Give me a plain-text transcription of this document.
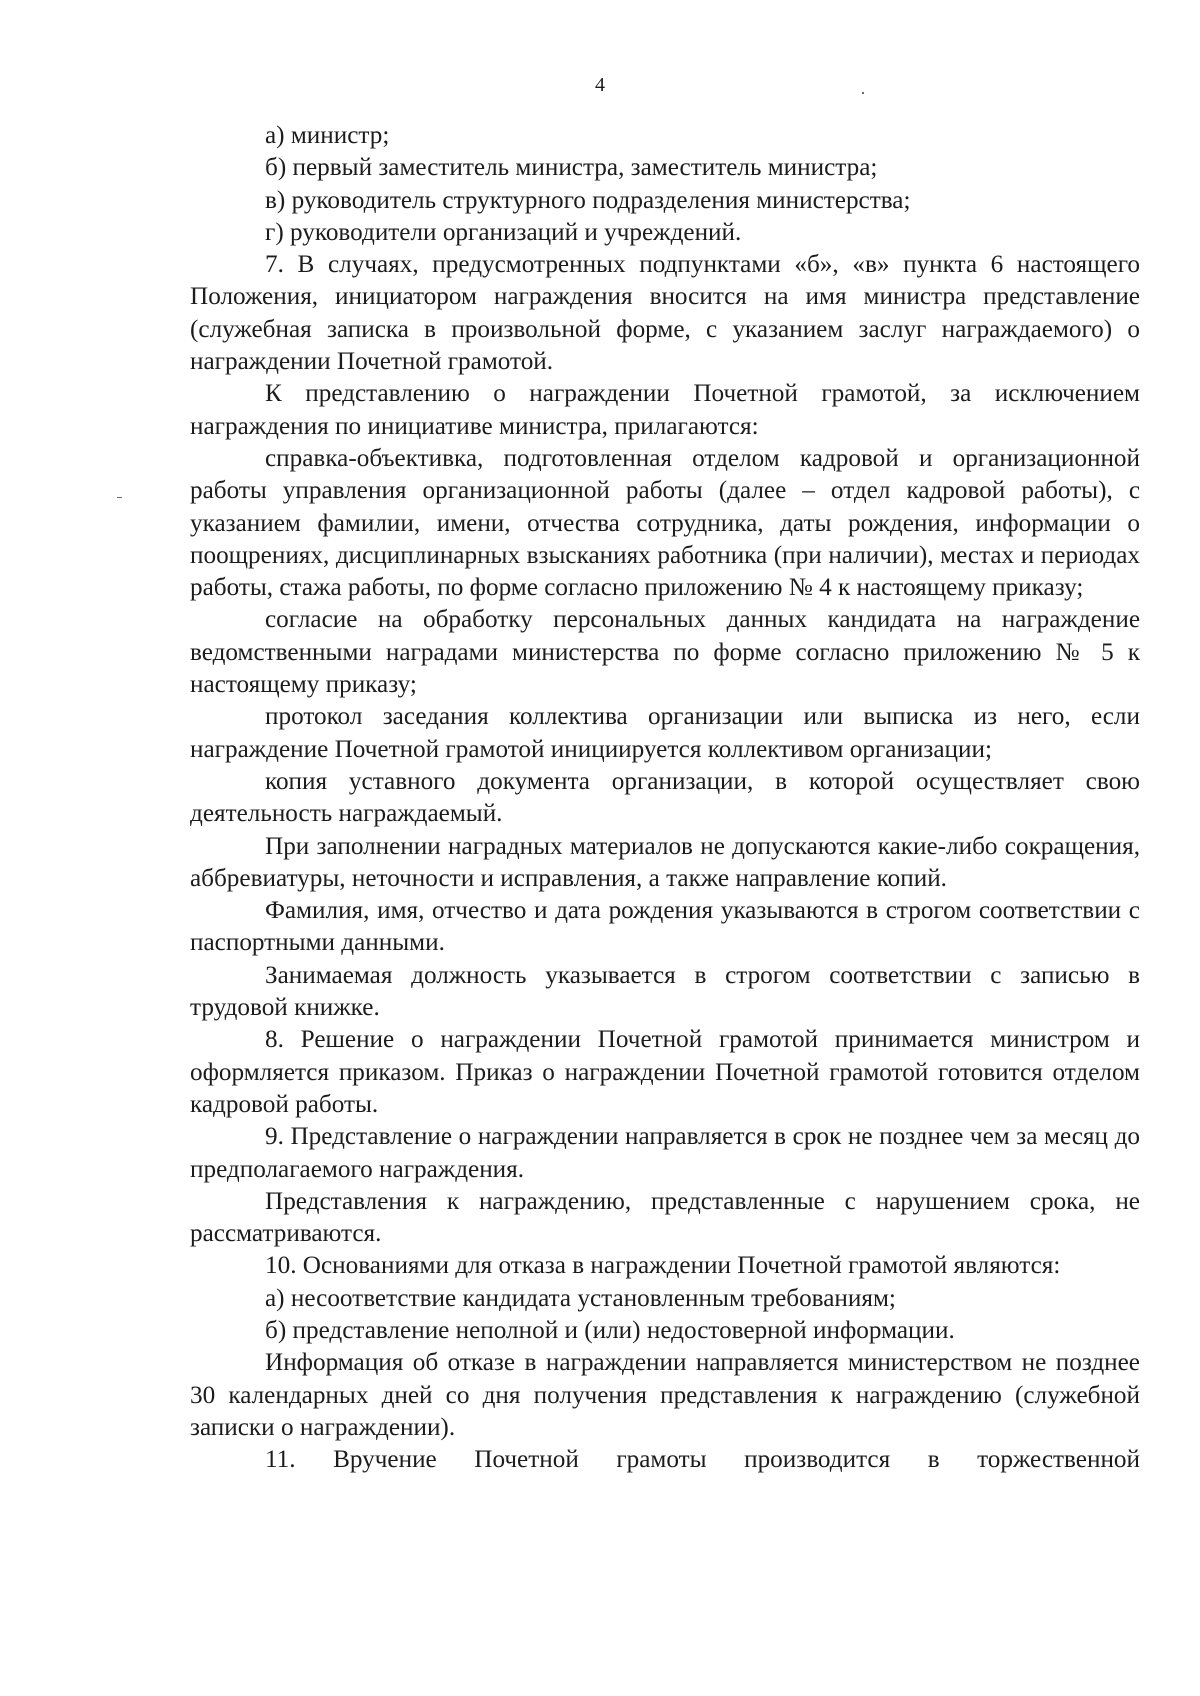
4

а) министр;

б) первый заместитель министра, заместитель министра;

в) руководитель структурного подразделения министерства;

г) руководители организаций и учреждений.

7. В случаях, предусмотренных подпунктами «б», «в» пункта 6 настоящего Положения, инициатором награждения вносится на имя министра представление (служебная записка в произвольной форме, с указанием заслуг награждаемого) о награждении Почетной грамотой.

К представлению о награждении Почетной грамотой, за исключением награждения по инициативе министра, прилагаются:

справка-объективка, подготовленная отделом кадровой и организационной работы управления организационной работы (далее – отдел кадровой работы), с указанием фамилии, имени, отчества сотрудника, даты рождения, информации о поощрениях, дисциплинарных взысканиях работника (при наличии), местах и периодах работы, стажа работы, по форме согласно приложению № 4 к настоящему приказу;

согласие на обработку персональных данных кандидата на награждение ведомственными наградами министерства по форме согласно приложению № 5 к настоящему приказу;

протокол заседания коллектива организации или выписка из него, если награждение Почетной грамотой инициируется коллективом организации;

копия уставного документа организации, в которой осуществляет свою деятельность награждаемый.

При заполнении наградных материалов не допускаются какие-либо сокращения, аббревиатуры, неточности и исправления, а также направление копий.

Фамилия, имя, отчество и дата рождения указываются в строгом соответствии с паспортными данными.

Занимаемая должность указывается в строгом соответствии с записью в трудовой книжке.

8. Решение о награждении Почетной грамотой принимается министром и оформляется приказом. Приказ о награждении Почетной грамотой готовится отделом кадровой работы.

9. Представление о награждении направляется в срок не позднее чем за месяц до предполагаемого награждения.

Представления к награждению, представленные с нарушением срока, не рассматриваются.

10. Основаниями для отказа в награждении Почетной грамотой являются:

а) несоответствие кандидата установленным требованиям;

б) представление неполной и (или) недостоверной информации.

Информация об отказе в награждении направляется министерством не позднее 30 календарных дней со дня получения представления к награждению (служебной записки о награждении).

11. Вручение Почетной грамоты производится в торжественной
